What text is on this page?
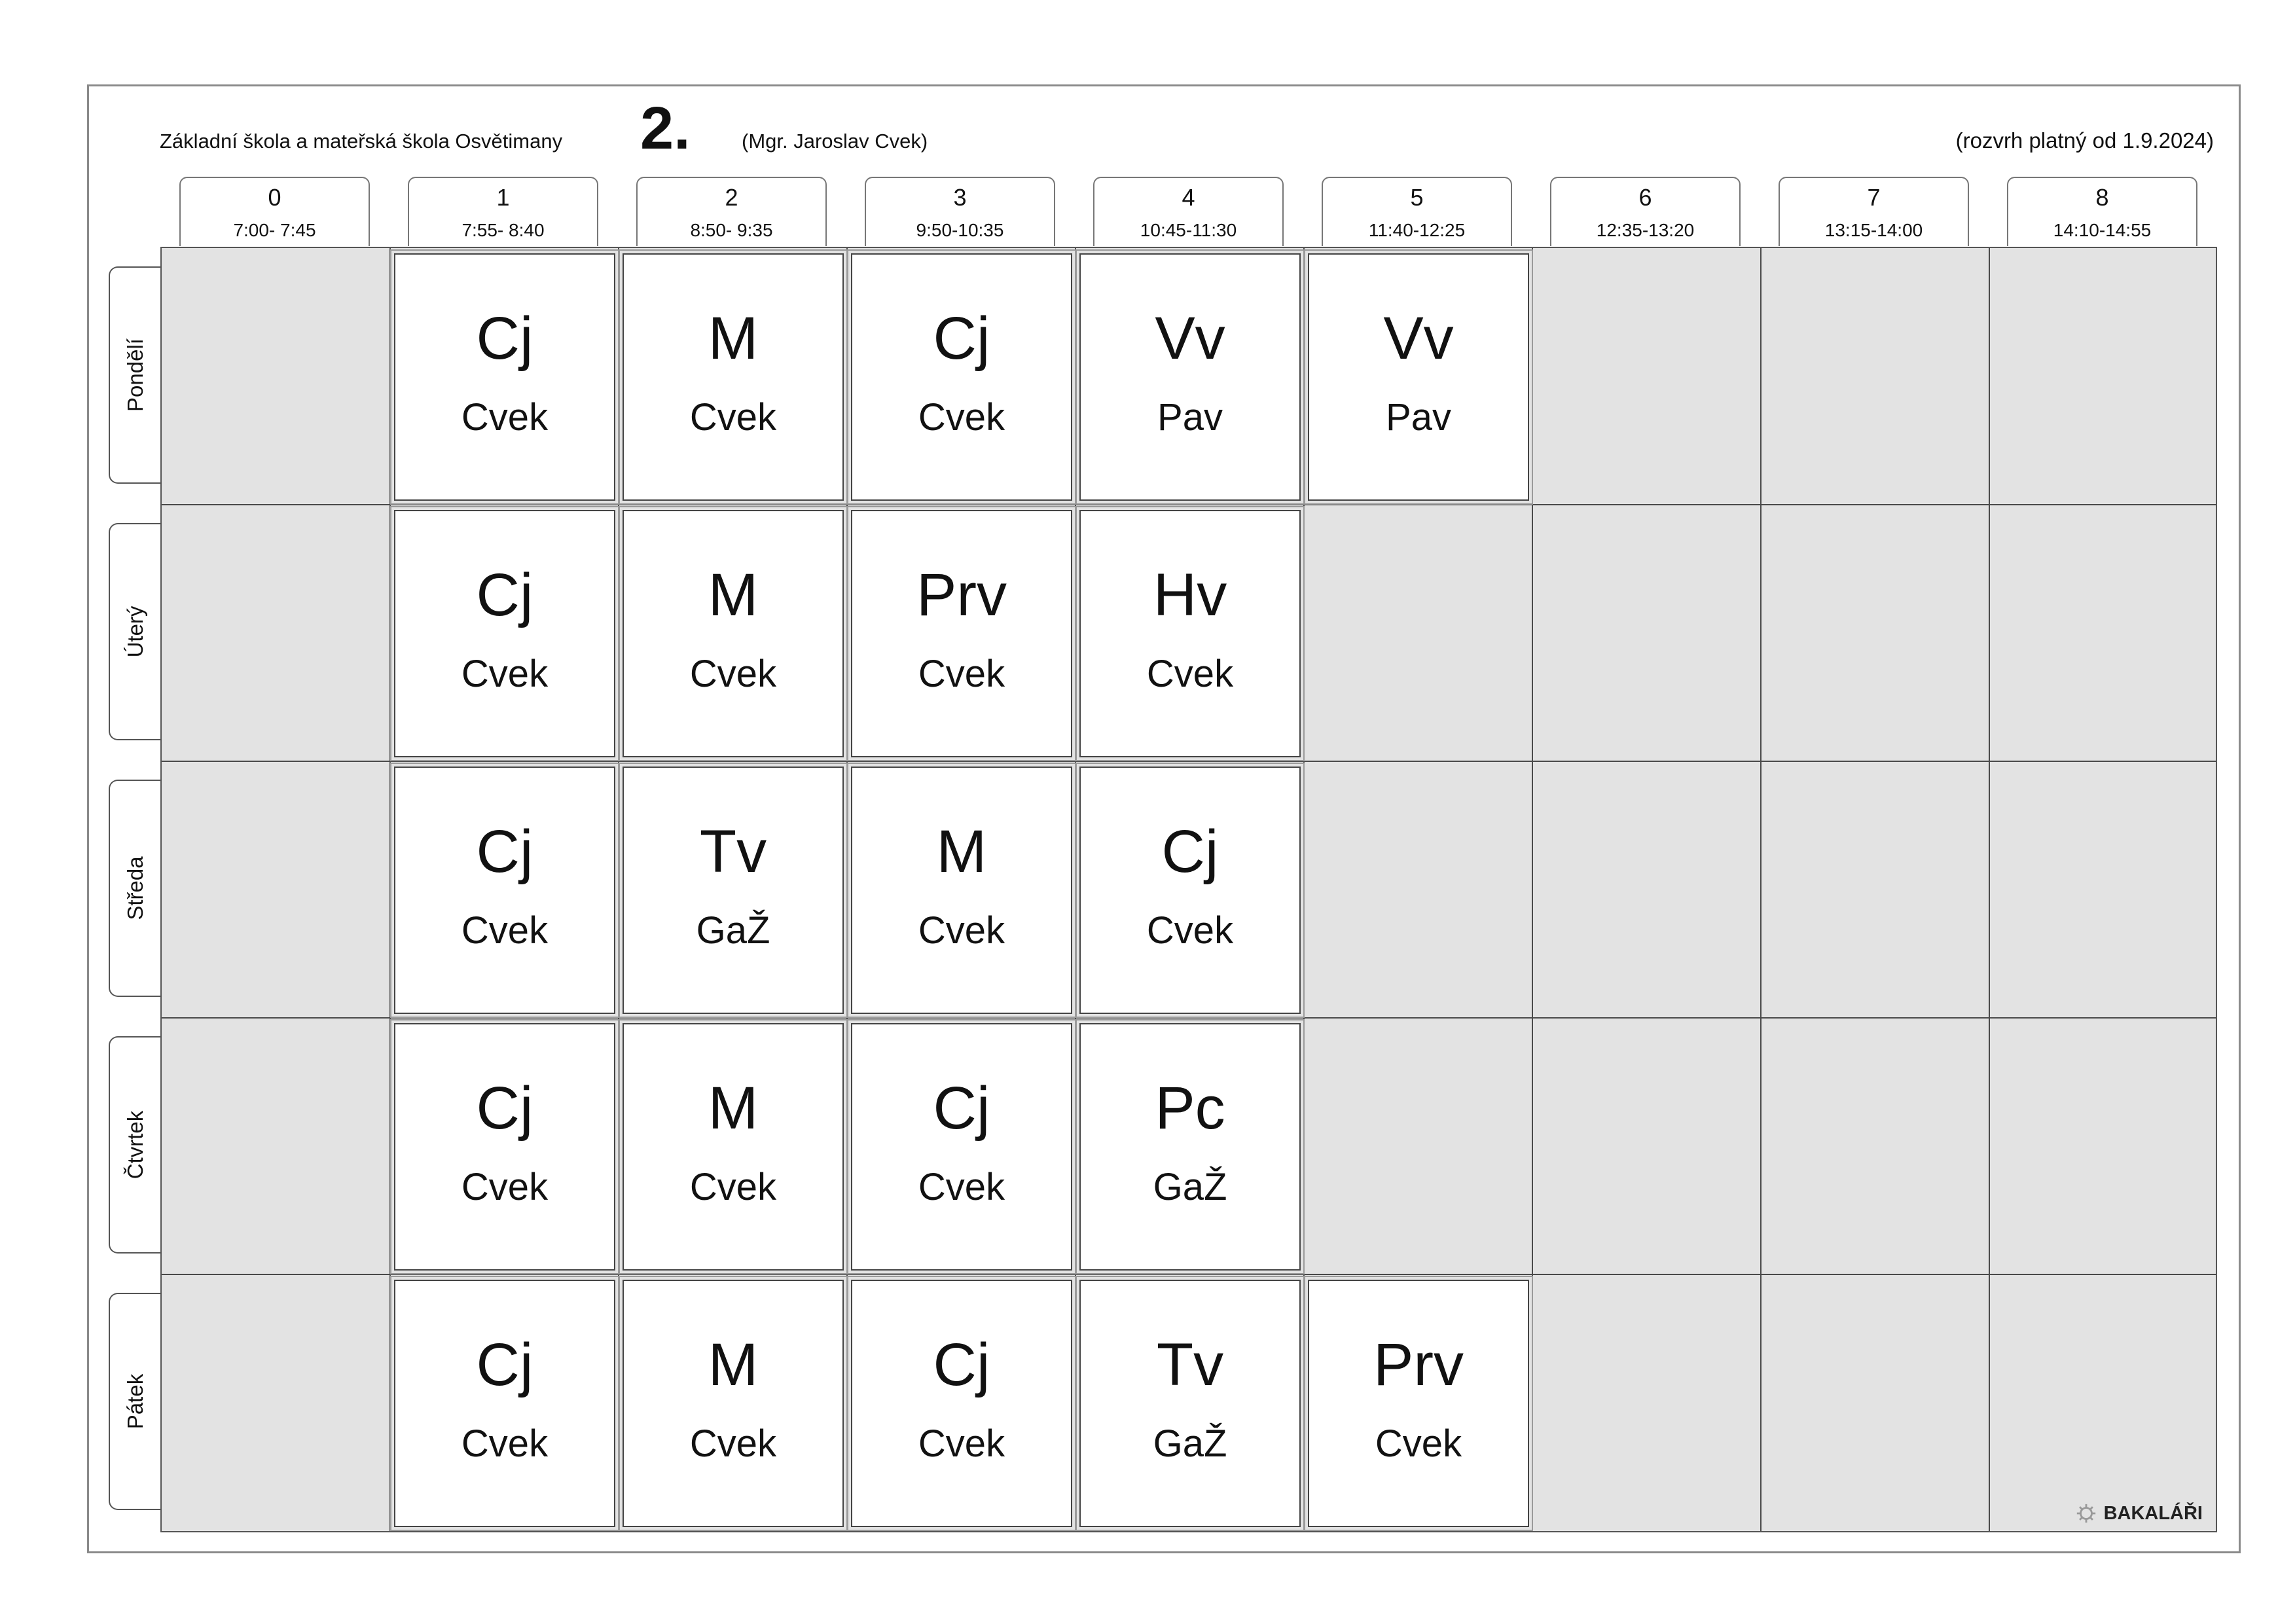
Základní škola a mateřská škola Osvětimany 2.	(Mgr. Jaroslav Cvek)	(rozvrh platný od 1.9.2024)
0
7:00- 7:45
1
7:55- 8:40
2
8:50- 9:35
3
9:50-10:35
4
10:45-11:30
5
11:40-12:25
6
12:35-13:20
7
13:15-14:00
8
14:10-14:55
Pondělí
Úterý
Středa
Čtvrtek
Pátek
BAKALÁŘI
Cj
Cvek
M
Cvek
Cj
Cvek
Vv
Pav
Vv
Pav
Cj
Cvek
M
Cvek
Prv
Cvek
Hv
Cvek
Cj
Cvek
Tv
GaŽ
M
Cvek
Cj
Cvek
Cj
Cvek
M
Cvek
Cj
Cvek
Pc
GaŽ
Cj
Cvek
M
Cvek
Cj
Cvek
Tv
GaŽ
Prv
Cvek
